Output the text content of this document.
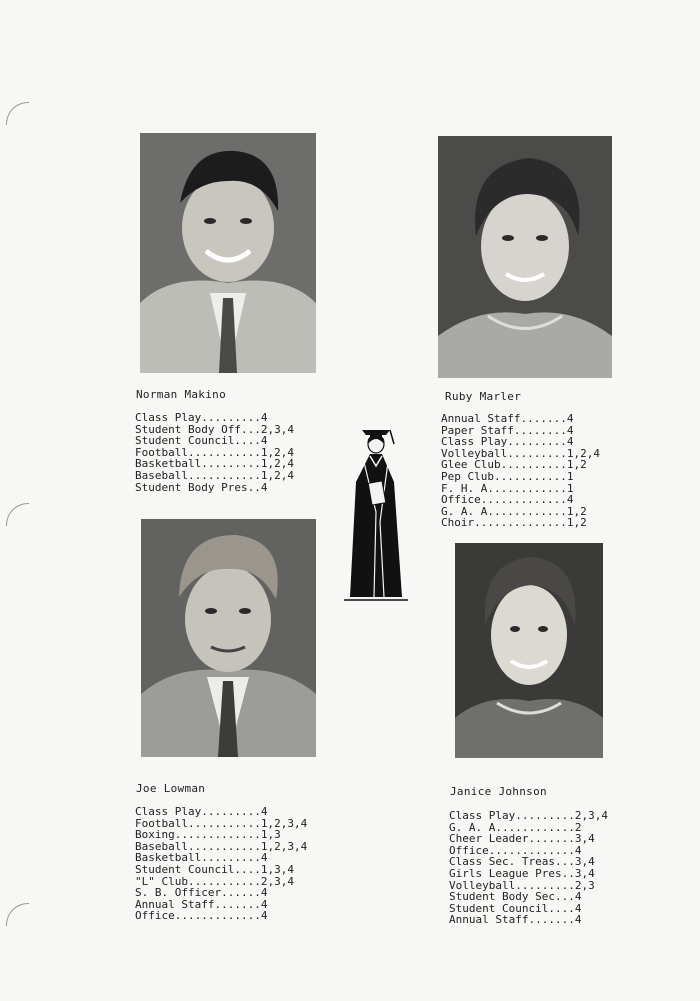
Norman Makino
Class Play.........4
Student Body Off...2,3,4
Student Council....4
Football...........1,2,4
Basketball.........1,2,4
Baseball...........1,2,4
Student Body Pres..4
Ruby Marler
Annual Staff.......4
Paper Staff........4
Class Play.........4
Volleyball.........1,2,4
Glee Club..........1,2
Pep Club...........1
F. H. A............1
Office.............4
G. A. A............1,2
Choir..............1,2
Joe Lowman
Class Play.........4
Football...........1,2,3,4
Boxing.............1,3
Baseball...........1,2,3,4
Basketball.........4
Student Council....1,3,4
"L" Club...........2,3,4
S. B. Officer......4
Annual Staff.......4
Office.............4
Janice Johnson
Class Play.........2,3,4
G. A. A............2
Cheer Leader.......3,4
Office.............4
Class Sec. Treas...3,4
Girls League Pres..3,4
Volleyball.........2,3
Student Body Sec...4
Student Council....4
Annual Staff.......4
